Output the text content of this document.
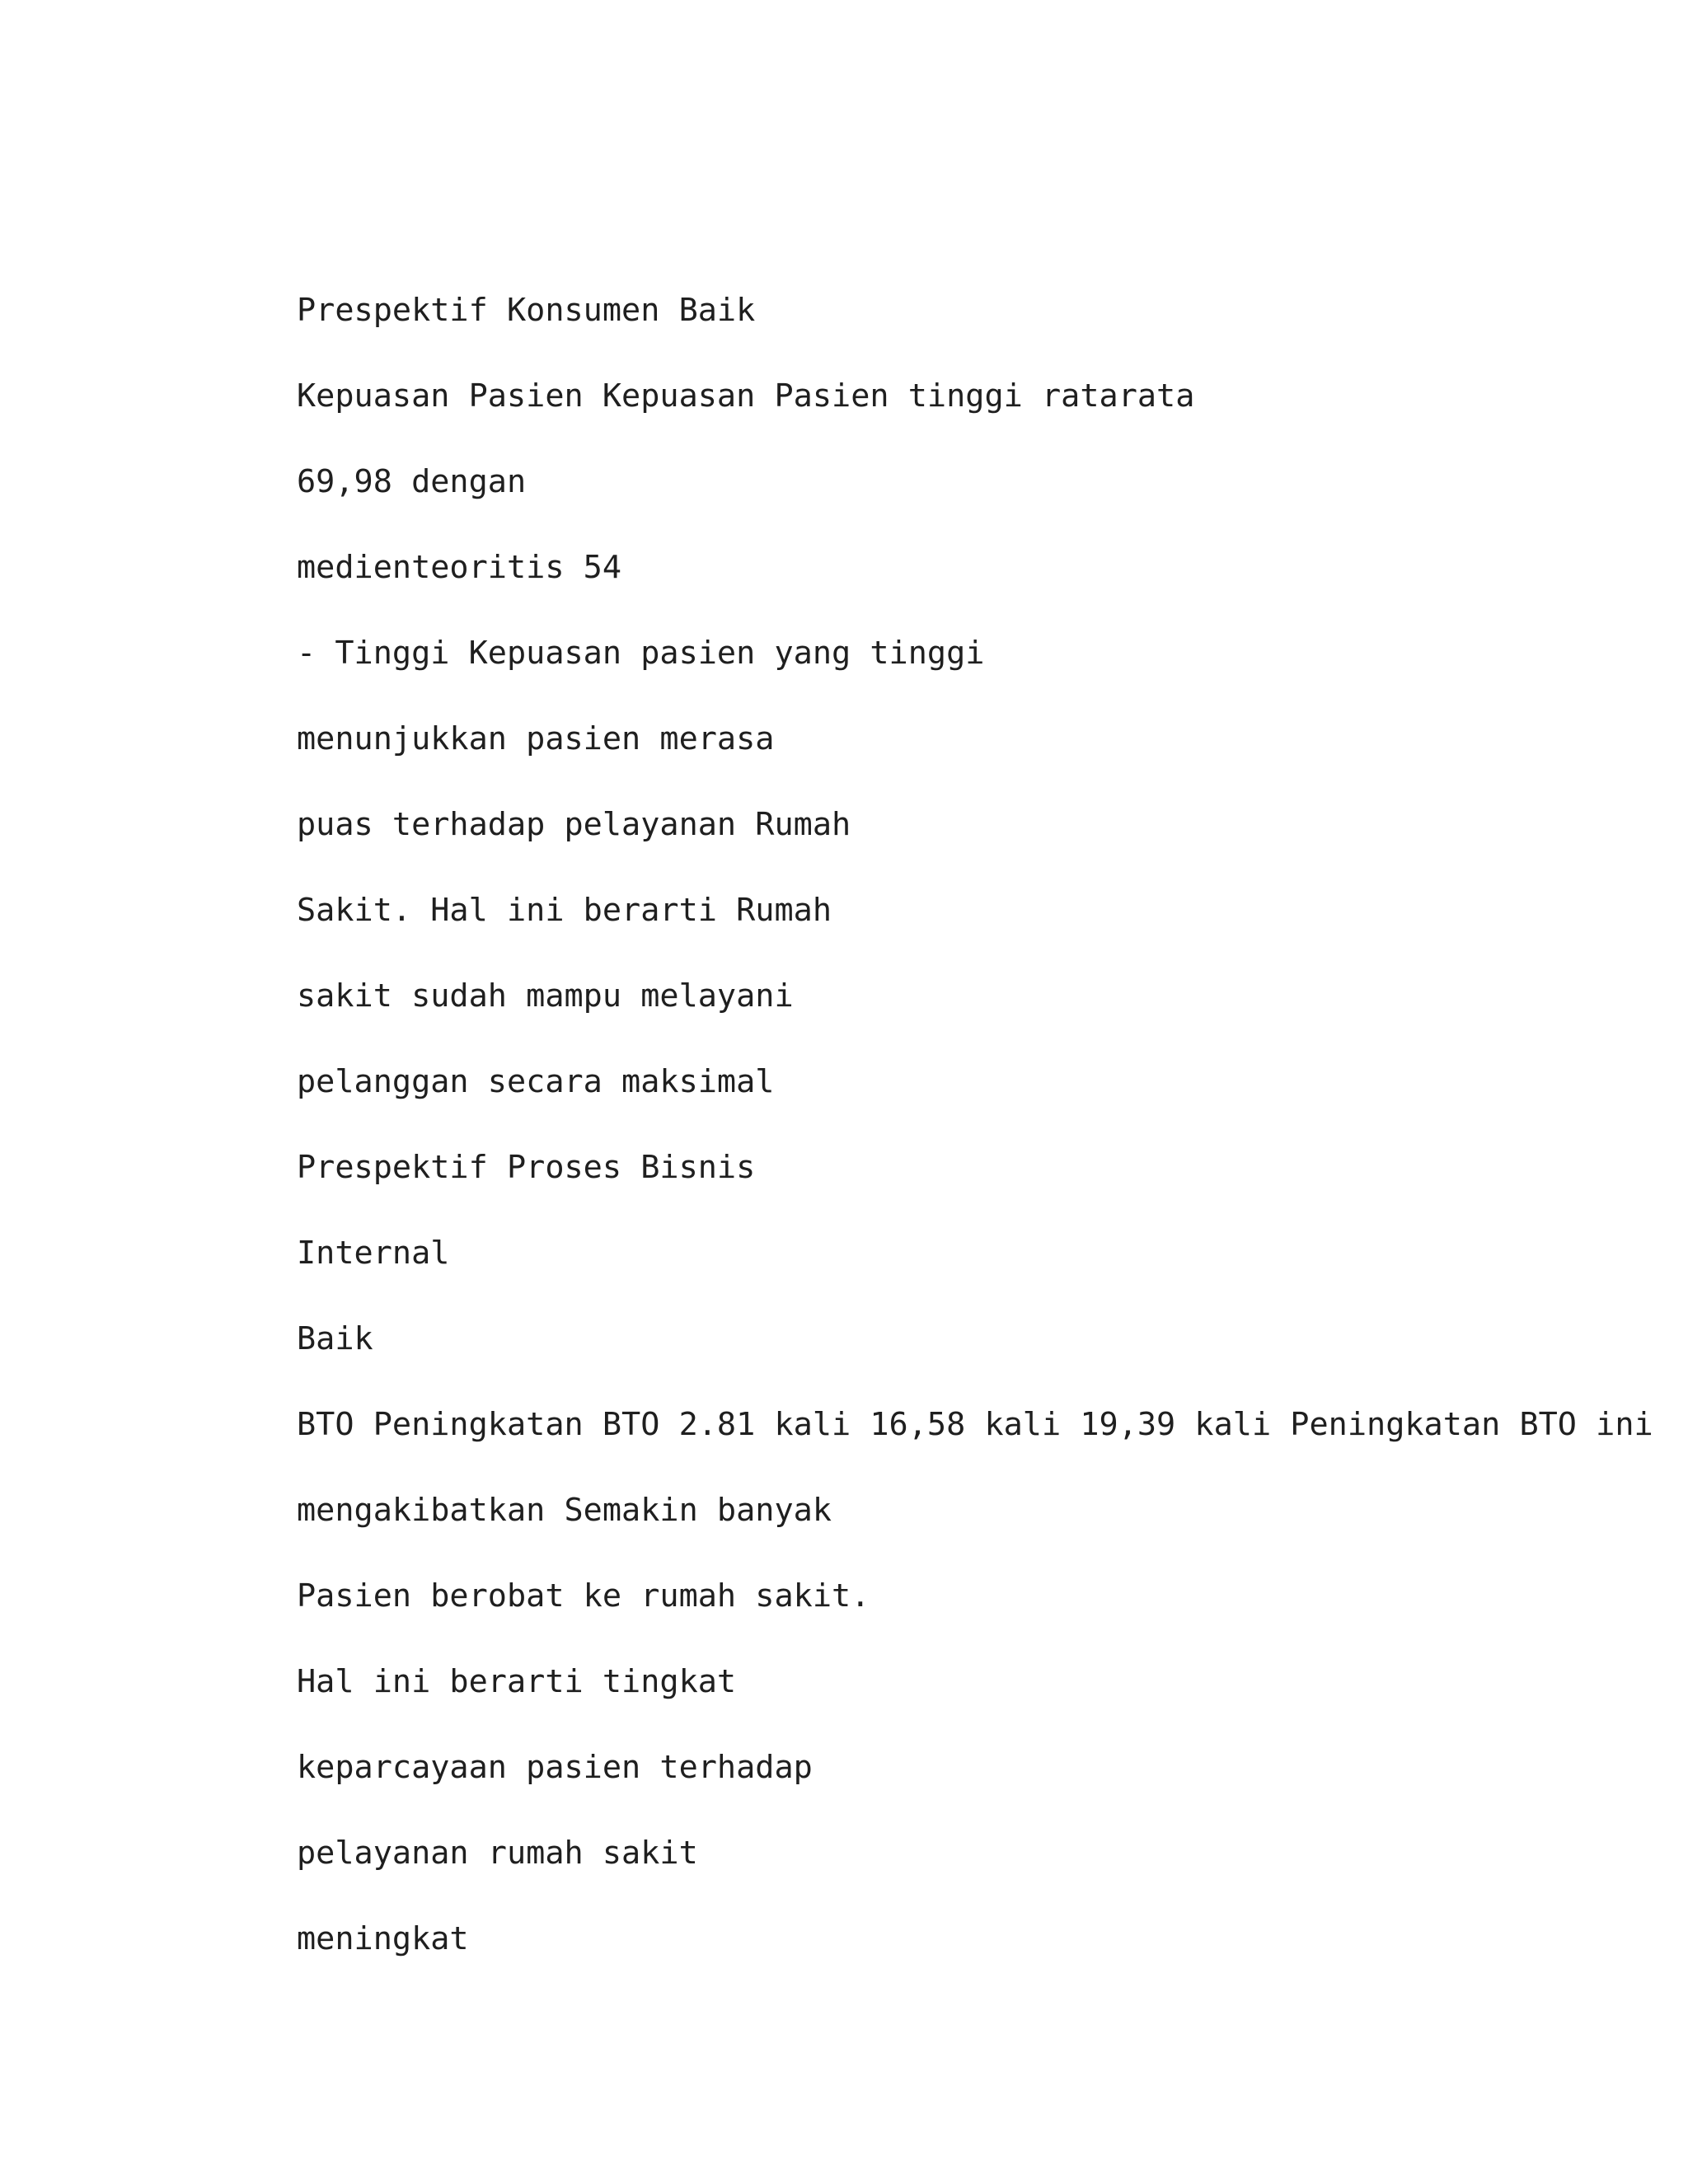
Prespektif Konsumen Baik
Kepuasan Pasien Kepuasan Pasien tinggi ratarata
69,98 dengan
medienteoritis 54
- Tinggi Kepuasan pasien yang tinggi
menunjukkan pasien merasa
puas terhadap pelayanan Rumah
Sakit. Hal ini berarti Rumah
sakit sudah mampu melayani
pelanggan secara maksimal
Prespektif Proses Bisnis
Internal
Baik
BTO Peningkatan BTO 2.81 kali 16,58 kali 19,39 kali Peningkatan BTO ini
mengakibatkan Semakin banyak
Pasien berobat ke rumah sakit.
Hal ini berarti tingkat
keparcayaan pasien terhadap
pelayanan rumah sakit
meningkat
